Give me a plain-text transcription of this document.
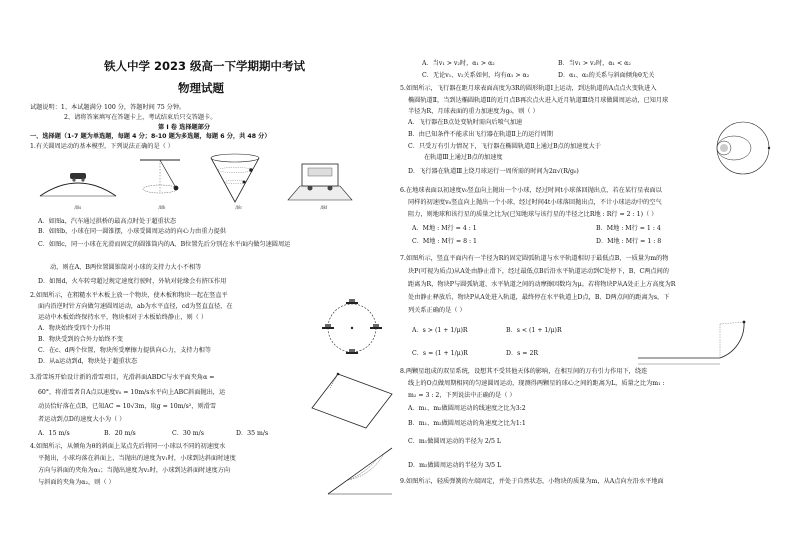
铁人中学 2023 级高一下学期期中考试
物理试题
试题说明：1、本试题满分 100 分，答题时间 75 分钟。
2、请将答案填写在答题卡上，考试结束后只交答题卡。
第 I 卷 选择题部分
一、选择题（1-7 题为单选题，每题 4 分；8-10 题为多选题，每题 6 分，共 48 分）
1.有关圆周运动的基本模型，下列说法正确的是（ ）
图a	图b	图c	图d
A．如图a，汽车通过拱桥的最高点时处于超重状态
B．如图b，小球在同一圆锥摆，小球受圆周运动的向心力由重力提供
C．如图c，同一小球在光滑而固定的圆锥筒内的A、B位置先后分别在水平面内做匀速圆周运
动，则在A、B两位置圆锥筒对小球的支持力大小不相等
D．如图d，火车转弯超过规定速度行驶时，外轨对轮缘会有挤压作用
2.如图所示，在粗糙水平木板上放一个物块，使木板和物块一起在竖直平
面内沿逆时针方向做匀速圆周运动，ab为水平直径，cd为竖直直径，在
运动中木板始终保持水平，物块相对于木板始终静止，则（ ）
A．物块始终受四个力作用
B．物块受到的合外力始终不变
C．在c、d两个位置，物块所受摩擦力提供向心力，支持力相等
D．从a运动到d，物块处于超重状态
3.滑雪场开始设计新的滑雪项目，光滑斜面ABDC与水平面夹角α =
60°，将滑雪者自A点以速度v₀ = 10m/s水平向上ABC斜面抛出，运
动员恰好落在点B，已知AC = 10√3m，取g = 10m/s²，则滑雪
者运动到点D的速度大小为（ ）
A．15 m/s	B．20 m/s	C．30 m/s	D．35 m/s
4.如图所示，从倾角为θ的斜面上某点先后将同一小球以不同的初速度水
平抛出，小球均落在斜面上，当抛出的速度为v₁时，小球到达斜面时速度
方向与斜面的夹角为α₁；当抛出速度为v₂时，小球到达斜面时速度方向
与斜面的夹角为α₂，则（ ）
A．当v₁ > v₂时，α₁ > α₂	B．当v₁ > v₂时，α₁ < α₂
C．无论v₁、v₂关系如何，均有α₁ > α₂	D．α₁、α₂的关系与斜面倾角θ无关
5.如图所示，飞行器在距月球表面高度为3R的圆形轨道Ⅰ上运动，到达轨道的A点点火变轨进入
椭圆轨道Ⅱ，当到达椭圆轨道Ⅱ的近月点B再次点火进入近月轨道Ⅲ绕月球做圆周运动，已知月球
半径为R，月球表面的重力加速度为g₀，则（ ）
A．飞行器在B点处变轨时需向后喷气加速
B．由已知条件不能求出飞行器在轨道Ⅱ上的运行周期
C．只受万有引力情况下，飞行器在椭圆轨道Ⅱ上通过B点的加速度大于
在轨道Ⅲ上通过B点的加速度
D．飞行器在轨道Ⅲ上绕月球运行一周所需的时间为2π√(R/g₀)
6.在地球表面以初速度v₀竖直向上抛出一个小球，经过时间t小球落回抛出点，若在某行星表面以
同样的初速度v₀竖直向上抛出一个小球，经过时间4t小球落回抛出点，不计小球运动中的空气
阻力，则地球和该行星的质量之比为(已知地球与该行星的半径之比R地 : R行 = 2 : 1)（ ）
A．M地 : M行 = 4 : 1	B．M地 : M行 = 1 : 4
C．M地 : M行 = 8 : 1	D．M地 : M行 = 1 : 8
7.如图所示，竖直平面内有一半径为R的固定圆弧轨道与水平轨道相切于最低点B，一质量为m的物
块P(可视为质点)从A处由静止滑下，经过最低点B后沿水平轨道运动到C处停下，B、C两点间的
距离为R，物块P与圆弧轨道、水平轨道之间的动摩擦因数均为μ。若将物块P从A处正上方高度为R
处由静止释放后，物块P从A处进入轨道，最终停在水平轨道上D点，B、D两点间的距离为s，下
列关系正确的是（ ）
A．s > (1 + 1/μ)R	B．s < (1 + 1/μ)R
C．s = (1 + 1/μ)R	D．s = 2R
8.两颗星组成的双星系统，设想其不受其他天体的影响，在相互间的万有引力作用下，绕连
线上的O点做周期相同的匀速圆周运动，现测得两颗星的球心之间的距离为L，质量之比为m₁ :
m₂ = 3 : 2，下列说法中正确的是（ ）
A．m₁、m₂做圆周运动的线速度之比为3:2
B．m₁、m₂做圆周运动的角速度之比为1:1
C．m₁做圆周运动的半径为 2/5 L
D．m₂做圆周运动的半径为 3/5 L
9.如图所示，轻质弹簧的左端固定，并处于自然状态，小物块的质量为m，从A点向左沿水平地面
